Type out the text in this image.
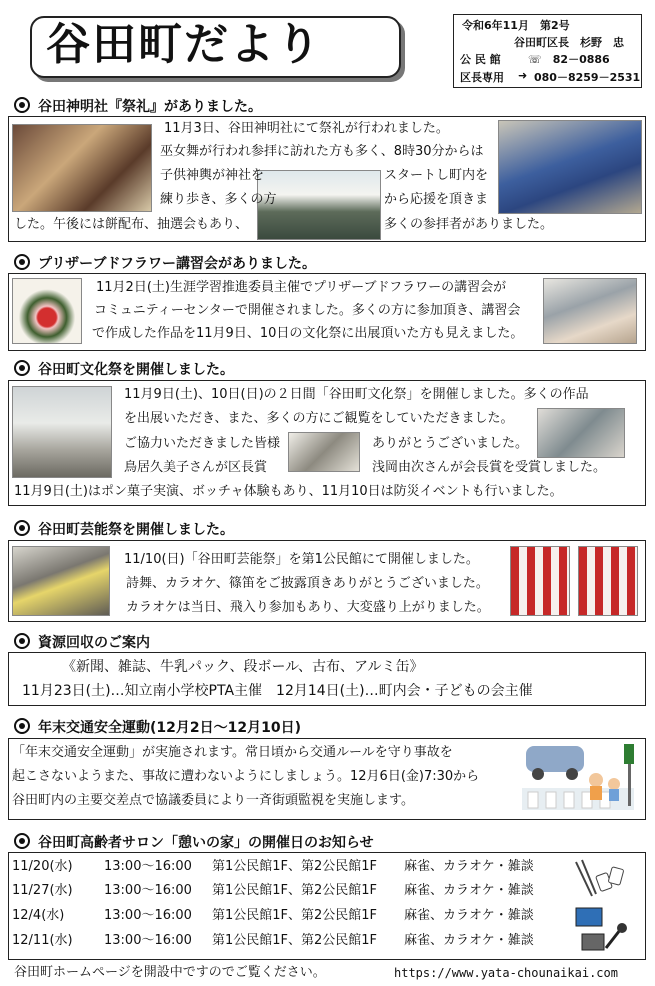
谷田町だより	令和6年11月　第2号
谷田町区長　杉野　忠
公 民 館 ☏　82－0886
区長専用 ➜ 080－8259－2531
谷田神明社『祭礼』がありました。
11月3日、谷田神明社にて祭礼が行われました。
巫女舞が行われ参拝に訪れた方も多く、8時30分からは
子供神輿が神社を	スタートし町内を
練り歩き、多くの方	から応援を頂きま
した。午後には餅配布、抽選会もあり、	多くの参拝者がありました。
プリザーブドフラワー講習会がありました。
11月2日(土)生涯学習推進委員主催でプリザーブドフラワーの講習会が
コミュニティーセンターで開催されました。多くの方に参加頂き、講習会
で作成した作品を11月9日、10日の文化祭に出展頂いた方も見えました。
谷田町文化祭を開催しました。
11月9日(土)、10日(日)の２日間「谷田町文化祭」を開催しました。多くの作品
を出展いただき、また、多くの方にご観覧をしていただきました。
ご協力いただきました皆様	ありがとうございました。
鳥居久美子さんが区長賞	浅岡由次さんが会長賞を受賞しました。
11月9日(土)はポン菓子実演、ボッチャ体験もあり、11月10日は防災イベントも行いました。
谷田町芸能祭を開催しました。
11/10(日)「谷田町芸能祭」を第1公民館にて開催しました。
詩舞、カラオケ、篠笛をご披露頂きありがとうございました。
カラオケは当日、飛入り参加もあり、大変盛り上がりました。
資源回収のご案内
《新聞、雑誌、牛乳パック、段ボール、古布、アルミ缶》
11月23日(土)…知立南小学校PTA主催　12月14日(土)…町内会・子どもの会主催
年末交通安全運動(12月2日～12月10日)
「年末交通安全運動」が実施されます。常日頃から交通ルールを守り事故を
起こさないようまた、事故に遭わないようにしましょう。12月6日(金)7:30から
谷田町内の主要交差点で協議委員により一斉街頭監視を実施します。
谷田町高齢者サロン「憩いの家」の開催日のお知らせ
11/20(水) 13:00～16:00 第1公民館1F、第2公民館1F 麻雀、カラオケ・雑談
11/27(水) 13:00～16:00 第1公民館1F、第2公民館1F 麻雀、カラオケ・雑談
12/4(水)	13:00～16:00 第1公民館1F、第2公民館1F 麻雀、カラオケ・雑談
12/11(水) 13:00～16:00 第1公民館1F、第2公民館1F 麻雀、カラオケ・雑談
谷田町ホームページを開設中ですのでご覧ください。	https://www.yata-chounaikai.com
